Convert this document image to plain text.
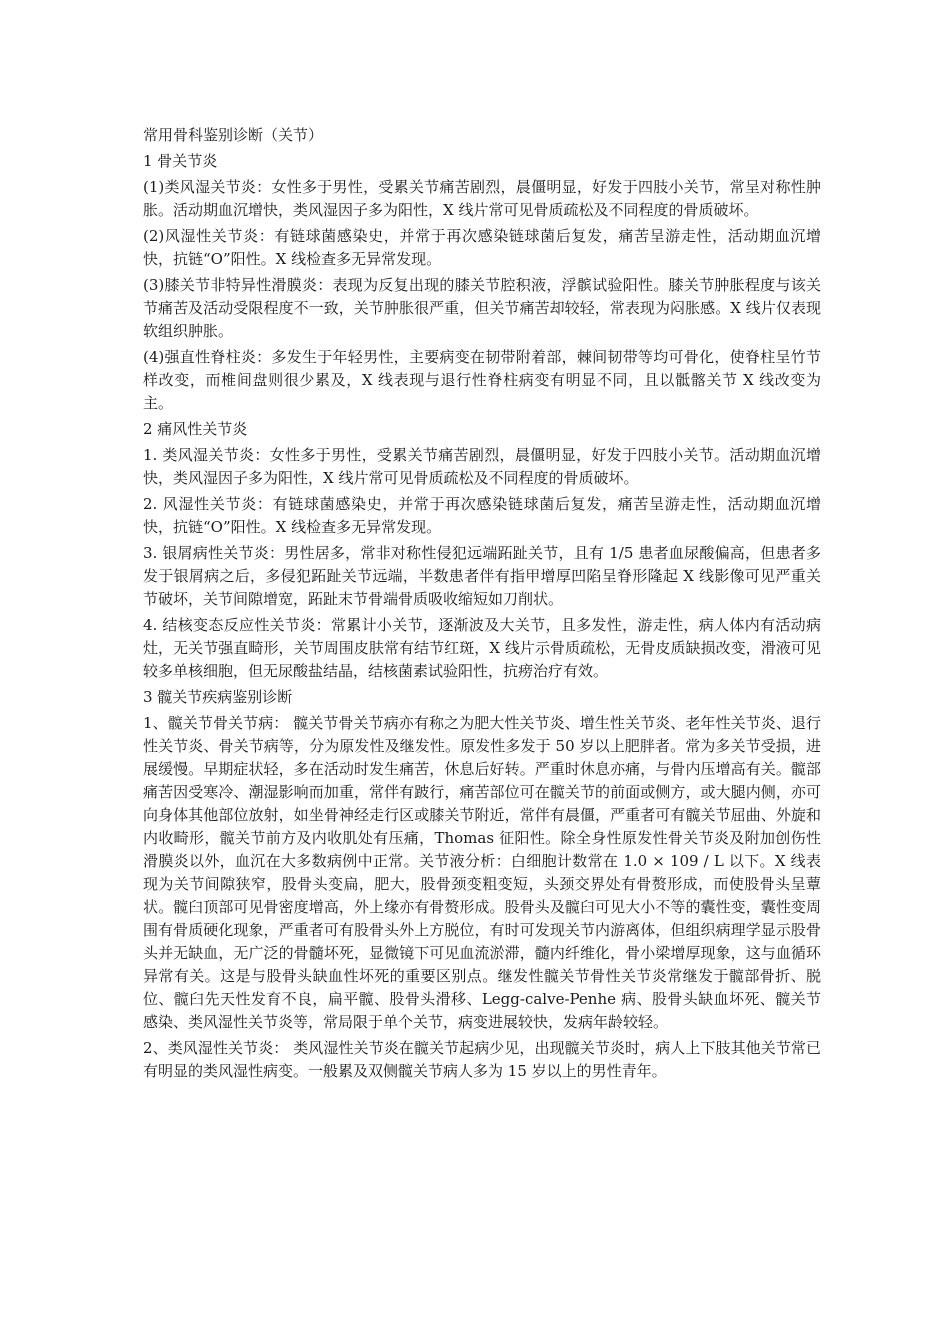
常用骨科鉴别诊断（关节）

1 骨关节炎

(1)类风湿关节炎：女性多于男性，受累关节痛苦剧烈，晨僵明显，好发于四肢小关节，常呈对称性肿胀。活动期血沉增快，类风湿因子多为阳性，X 线片常可见骨质疏松及不同程度的骨质破坏。

(2)风湿性关节炎：有链球菌感染史，并常于再次感染链球菌后复发，痛苦呈游走性，活动期血沉增快，抗链“O”阳性。X 线检查多无异常发现。

(3)膝关节非特异性滑膜炎：表现为反复出现的膝关节腔积液，浮髌试验阳性。膝关节肿胀程度与该关节痛苦及活动受限程度不一致，关节肿胀很严重，但关节痛苦却较轻，常表现为闷胀感。X 线片仅表现软组织肿胀。

(4)强直性脊柱炎：多发生于年轻男性，主要病变在韧带附着部，棘间韧带等均可骨化，使脊柱呈竹节样改变，而椎间盘则很少累及，X 线表现与退行性脊柱病变有明显不同，且以骶髂关节 X 线改变为主。

2 痛风性关节炎

1. 类风湿关节炎：女性多于男性，受累关节痛苦剧烈，晨僵明显，好发于四肢小关节。活动期血沉增快，类风湿因子多为阳性，X 线片常可见骨质疏松及不同程度的骨质破坏。

2. 风湿性关节炎：有链球菌感染史，并常于再次感染链球菌后复发，痛苦呈游走性，活动期血沉增快，抗链“O”阳性。X 线检查多无异常发现。

3. 银屑病性关节炎：男性居多，常非对称性侵犯远端跖趾关节，且有 1/5 患者血尿酸偏高，但患者多发于银屑病之后，多侵犯跖趾关节远端，半数患者伴有指甲增厚凹陷呈脊形隆起 X 线影像可见严重关节破坏，关节间隙增宽，跖趾末节骨端骨质吸收缩短如刀削状。

4. 结核变态反应性关节炎：常累计小关节，逐渐波及大关节，且多发性，游走性，病人体内有活动病灶，无关节强直畸形，关节周围皮肤常有结节红斑，X 线片示骨质疏松，无骨皮质缺损改变，滑液可见较多单核细胞，但无尿酸盐结晶，结核菌素试验阳性，抗痨治疗有效。

3 髋关节疾病鉴别诊断

1、髋关节骨关节病： 髋关节骨关节病亦有称之为肥大性关节炎、增生性关节炎、老年性关节炎、退行性关节炎、骨关节病等，分为原发性及继发性。原发性多发于 50 岁以上肥胖者。常为多关节受损，进展缓慢。早期症状轻，多在活动时发生痛苦，休息后好转。严重时休息亦痛，与骨内压增高有关。髋部痛苦因受寒冷、潮湿影响而加重，常伴有跛行，痛苦部位可在髋关节的前面或侧方，或大腿内侧，亦可向身体其他部位放射，如坐骨神经走行区或膝关节附近，常伴有晨僵，严重者可有髋关节屈曲、外旋和内收畸形，髋关节前方及内收肌处有压痛，Thomas 征阳性。除全身性原发性骨关节炎及附加创伤性滑膜炎以外，血沉在大多数病例中正常。关节液分析：白细胞计数常在 1.0 × 109 / L 以下。X 线表现为关节间隙狭窄，股骨头变扁，肥大，股骨颈变粗变短，头颈交界处有骨赘形成，而使股骨头呈蕈状。髋臼顶部可见骨密度增高，外上缘亦有骨赘形成。股骨头及髋臼可见大小不等的囊性变，囊性变周围有骨质硬化现象，严重者可有股骨头外上方脱位，有时可发现关节内游离体，但组织病理学显示股骨头并无缺血，无广泛的骨髓坏死，显微镜下可见血流淤滞，髓内纤维化，骨小梁增厚现象，这与血循环异常有关。这是与股骨头缺血性坏死的重要区别点。继发性髋关节骨性关节炎常继发于髋部骨折、脱位、髋臼先天性发育不良，扁平髋、股骨头滑移、Legg-calve-Penhe 病、股骨头缺血坏死、髋关节感染、类风湿性关节炎等，常局限于单个关节，病变进展较快，发病年龄较轻。

2、类风湿性关节炎： 类风湿性关节炎在髋关节起病少见，出现髋关节炎时，病人上下肢其他关节常已有明显的类风湿性病变。一般累及双侧髋关节病人多为 15 岁以上的男性青年。
